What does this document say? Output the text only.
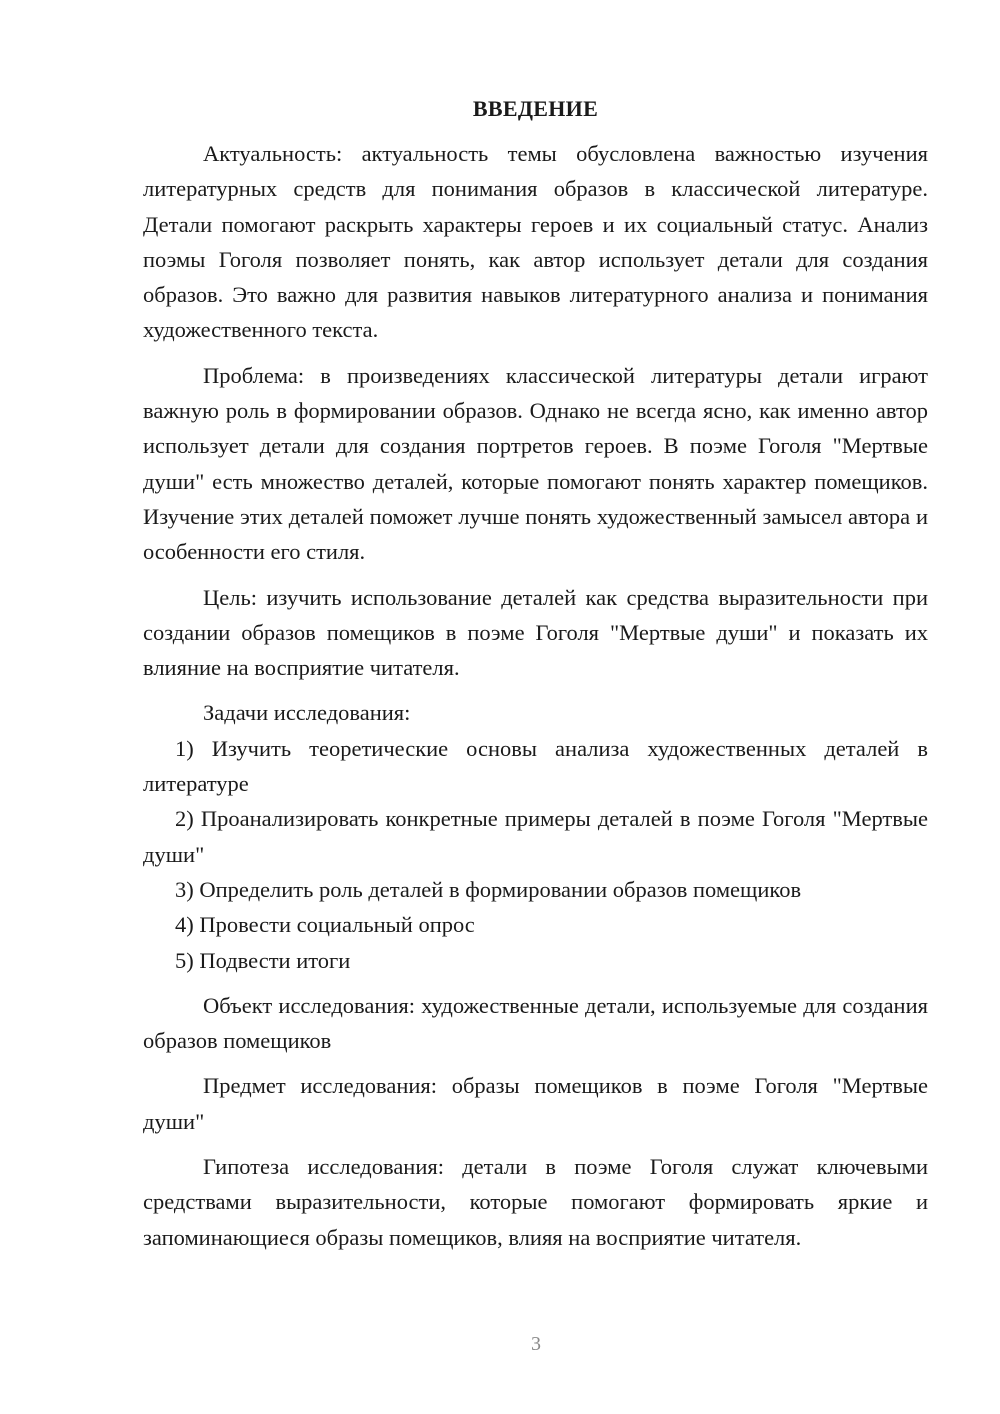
ВВЕДЕНИЕ

Актуальность: актуальность темы обусловлена важностью изучения литературных средств для понимания образов в классической литературе. Детали помогают раскрыть характеры героев и их социальный статус. Анализ поэмы Гоголя позволяет понять, как автор использует детали для создания образов. Это важно для развития навыков литературного анализа и понимания художественного текста.

Проблема: в произведениях классической литературы детали играют важную роль в формировании образов. Однако не всегда ясно, как именно автор использует детали для создания портретов героев. В поэме Гоголя "Мертвые души" есть множество деталей, которые помогают понять характер помещиков. Изучение этих деталей поможет лучше понять художественный замысел автора и особенности его стиля.

Цель: изучить использование деталей как средства выразительности при создании образов помещиков в поэме Гоголя "Мертвые души" и показать их влияние на восприятие читателя.

Задачи исследования:

1) Изучить теоретические основы анализа художественных деталей в литературе

2) Проанализировать конкретные примеры деталей в поэме Гоголя "Мертвые души"

3) Определить роль деталей в формировании образов помещиков

4) Провести социальный опрос

5) Подвести итоги

Объект исследования: художественные детали, используемые для создания образов помещиков

Предмет исследования: образы помещиков в поэме Гоголя "Мертвые души"

Гипотеза исследования: детали в поэме Гоголя служат ключевыми средствами выразительности, которые помогают формировать яркие и запоминающиеся образы помещиков, влияя на восприятие читателя.

3
